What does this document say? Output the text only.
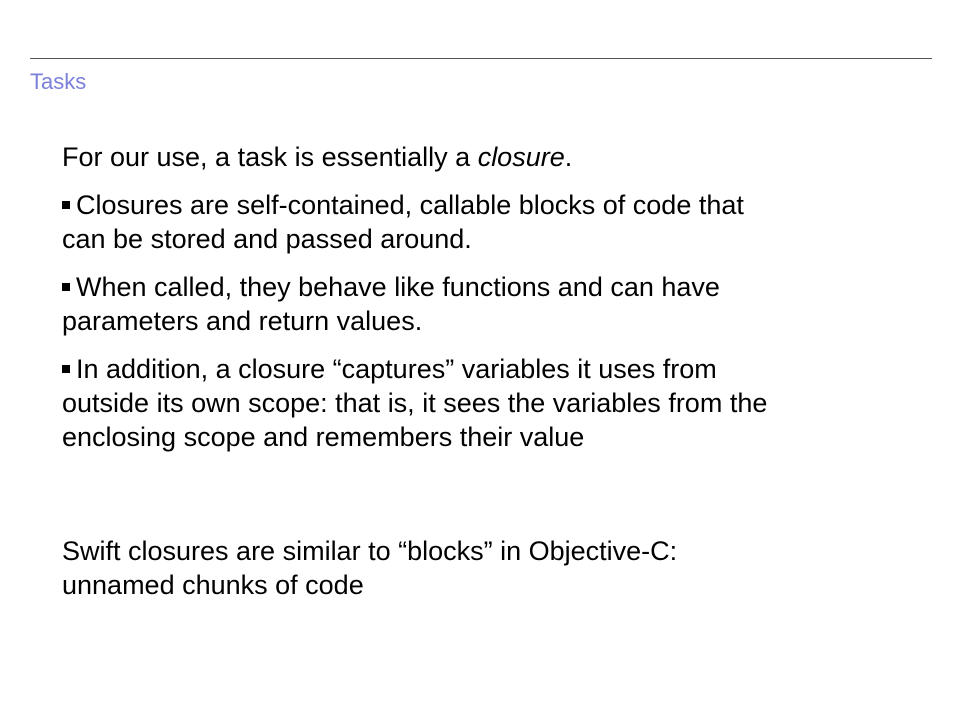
Tasks

For our use, a task is essentially a closure.

Closures are self-contained, callable blocks of code that
can be stored and passed around.

When called, they behave like functions and can have
parameters and return values.

In addition, a closure “captures” variables it uses from
outside its own scope: that is, it sees the variables from the
enclosing scope and remembers their value

Swift closures are similar to “blocks” in Objective-C:
unnamed chunks of code
